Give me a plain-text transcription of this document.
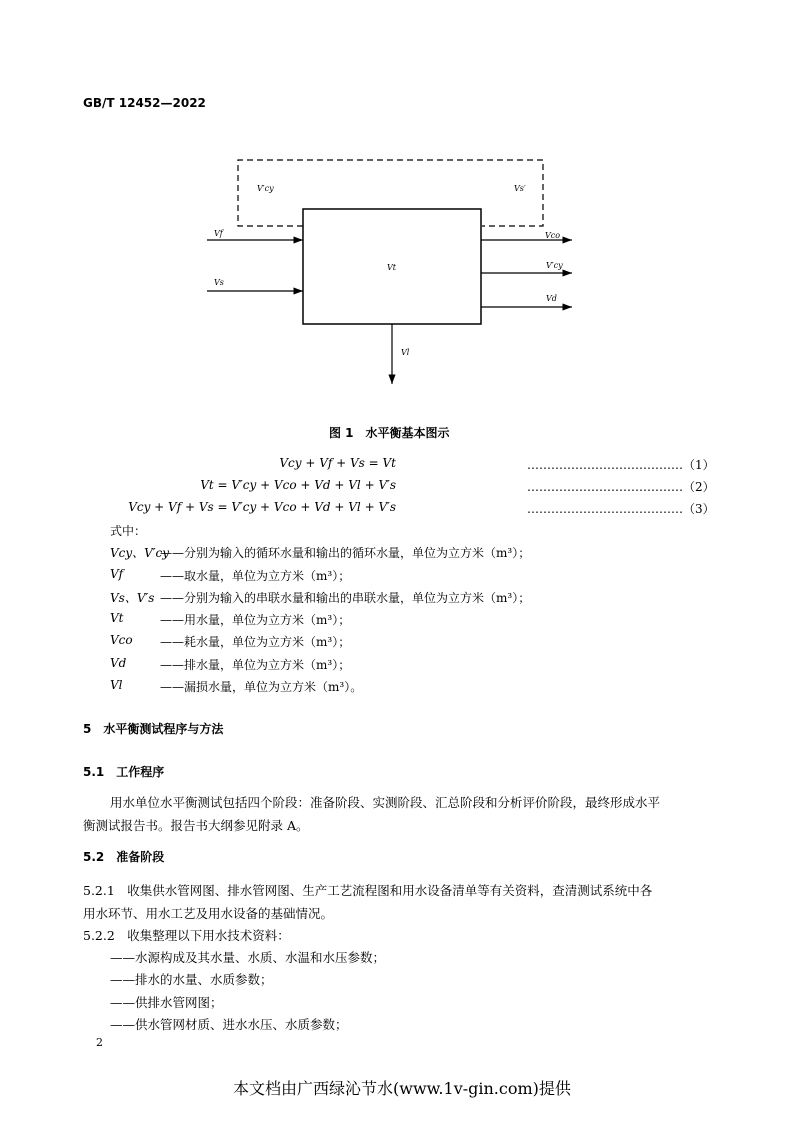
GB/T 12452—2022
V′cy	Vs′
Vf
Vs
Vt
Vco
V′cy
Vd
Vl
图 1　水平衡基本图示
Vcy + Vf + Vs = Vt	…………………………………（1）
Vt = V′cy + Vco + Vd + Vl + V′s	…………………………………（2）
Vcy + Vf + Vs = V′cy + Vco + Vd + Vl + V′s	…………………………………（3）
式中：
Vcy、V′cy
——分别为输入的循环水量和输出的循环水量，单位为立方米（m³）；
Vf	——取水量，单位为立方米（m³）；
Vs、V′s ——分别为输入的串联水量和输出的串联水量，单位为立方米（m³）；
Vt	——用水量，单位为立方米（m³）；
Vco ——耗水量，单位为立方米（m³）；
Vd	——排水量，单位为立方米（m³）；
Vl	——漏损水量，单位为立方米（m³）。
5　水平衡测试程序与方法
5.1　工作程序
用水单位水平衡测试包括四个阶段：准备阶段、实测阶段、汇总阶段和分析评价阶段，最终形成水平
衡测试报告书。报告书大纲参见附录 A。
5.2　准备阶段
5.2.1　收集供水管网图、排水管网图、生产工艺流程图和用水设备清单等有关资料，查清测试系统中各
用水环节、用水工艺及用水设备的基础情况。
5.2.2　收集整理以下用水技术资料：
——水源构成及其水量、水质、水温和水压参数；
——排水的水量、水质参数；
——供排水管网图；
——供水管网材质、进水水压、水质参数；
2
本文档由广西绿沁节水(www.1v-gin.com)提供
